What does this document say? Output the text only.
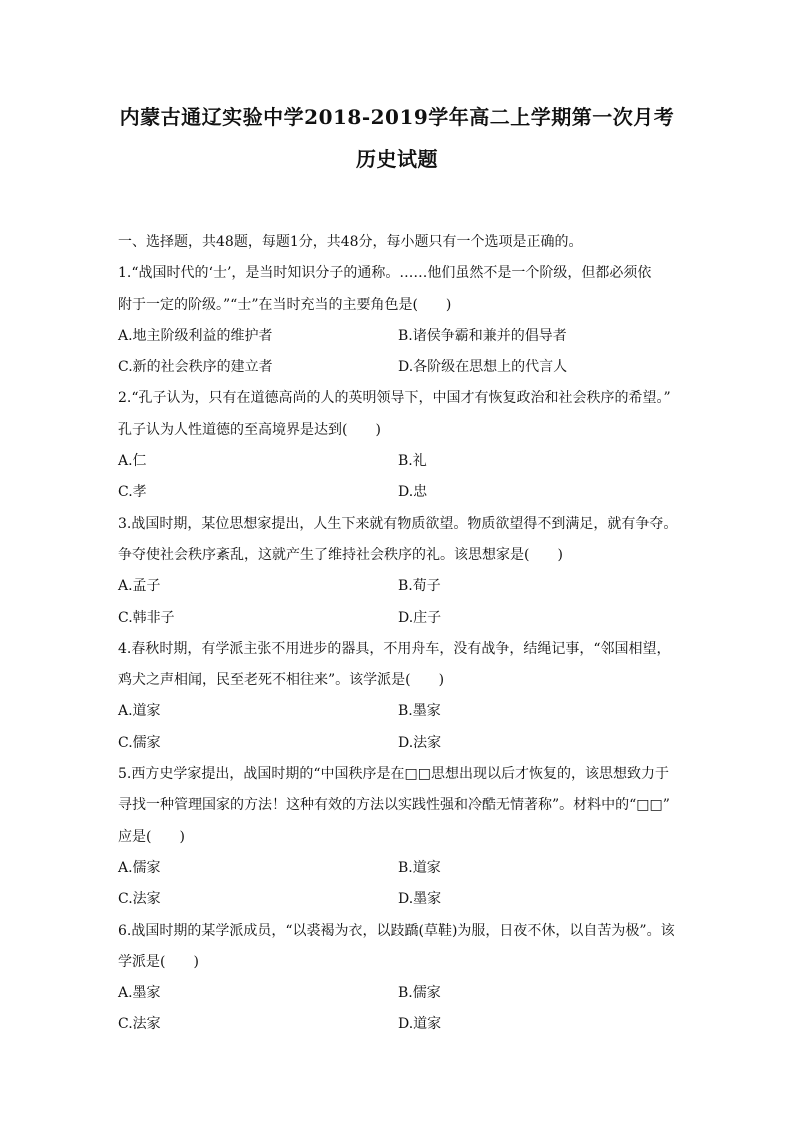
内蒙古通辽实验中学2018-2019学年高二上学期第一次月考
历史试题
一、选择题，共48题，每题1分，共48分，每小题只有一个选项是正确的。
1.“战国时代的‘士’，是当时知识分子的通称。……他们虽然不是一个阶级，但都必须依
附于一定的阶级。”“士”在当时充当的主要角色是(　　)
A.地主阶级利益的维护者	B.诸侯争霸和兼并的倡导者
C.新的社会秩序的建立者	D.各阶级在思想上的代言人
2.“孔子认为，只有在道德高尚的人的英明领导下，中国才有恢复政治和社会秩序的希望。”
孔子认为人性道德的至高境界是达到(　　)
A.仁	B.礼
C.孝	D.忠
3.战国时期，某位思想家提出，人生下来就有物质欲望。物质欲望得不到满足，就有争夺。
争夺使社会秩序紊乱，这就产生了维持社会秩序的礼。该思想家是(　　)
A.孟子	B.荀子
C.韩非子	D.庄子
4.春秋时期，有学派主张不用进步的器具，不用舟车，没有战争，结绳记事，“邻国相望，
鸡犬之声相闻，民至老死不相往来”。该学派是(　　)
A.道家	B.墨家
C.儒家	D.法家
5.西方史学家提出，战国时期的“中国秩序是在□□思想出现以后才恢复的，该思想致力于
寻找一种管理国家的方法！这种有效的方法以实践性强和冷酷无情著称”。材料中的“□□”
应是(　　)
A.儒家	B.道家
C.法家	D.墨家
6.战国时期的某学派成员，“以裘褐为衣，以跂蹻(草鞋)为服，日夜不休，以自苦为极”。该
学派是(　　)
A.墨家	B.儒家
C.法家	D.道家
